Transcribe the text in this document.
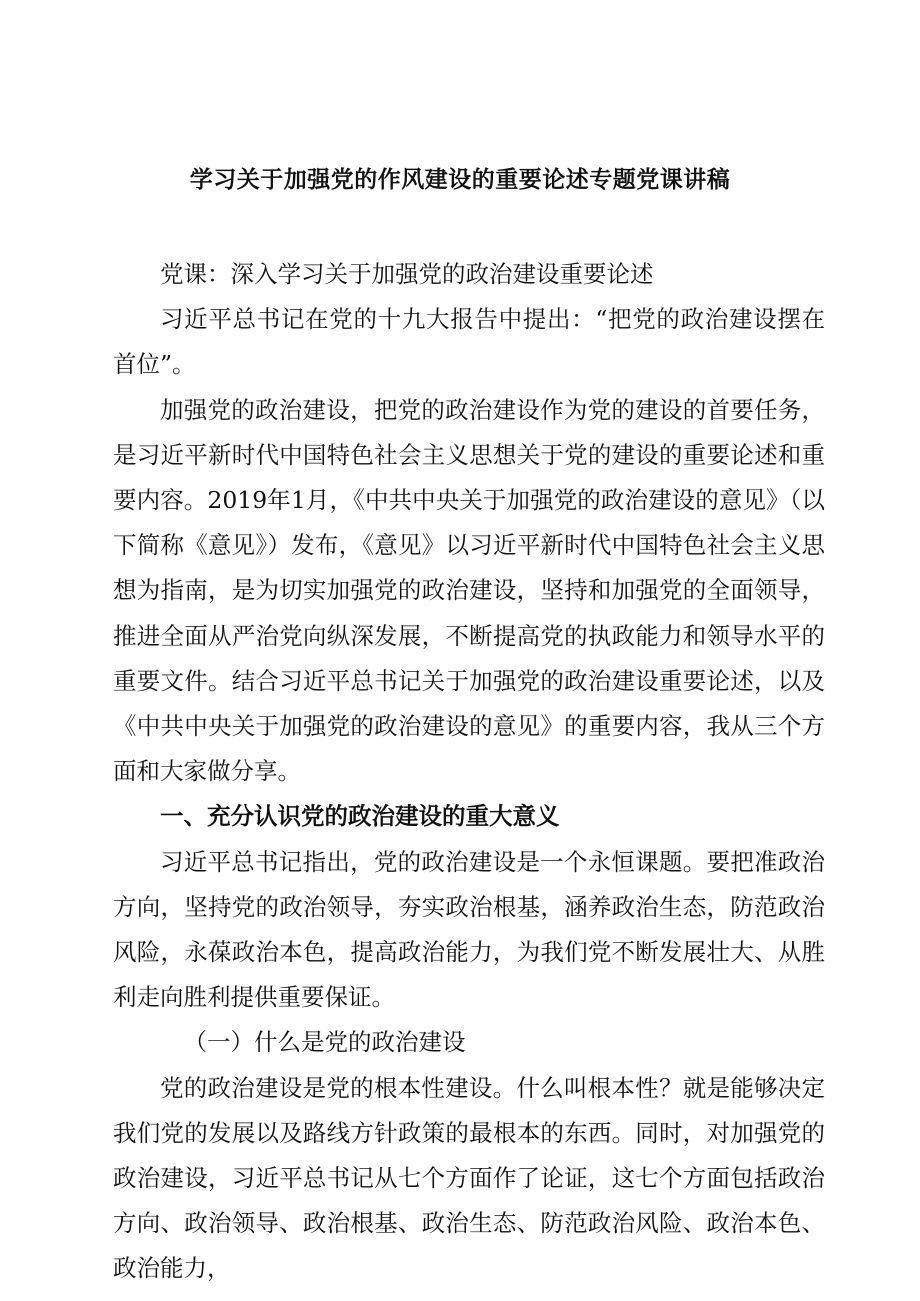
学习关于加强党的作风建设的重要论述专题党课讲稿

党课：深入学习关于加强党的政治建设重要论述

习近平总书记在党的十九大报告中提出：“把党的政治建设摆在首位”。

加强党的政治建设，把党的政治建设作为党的建设的首要任务，是习近平新时代中国特色社会主义思想关于党的建设的重要论述和重要内容。2019年1月，《中共中央关于加强党的政治建设的意见》（以下简称《意见》）发布，《意见》以习近平新时代中国特色社会主义思想为指南，是为切实加强党的政治建设，坚持和加强党的全面领导，推进全面从严治党向纵深发展，不断提高党的执政能力和领导水平的重要文件。结合习近平总书记关于加强党的政治建设重要论述，以及《中共中央关于加强党的政治建设的意见》的重要内容，我从三个方面和大家做分享。

一、充分认识党的政治建设的重大意义

习近平总书记指出，党的政治建设是一个永恒课题。要把准政治方向，坚持党的政治领导，夯实政治根基，涵养政治生态，防范政治风险，永葆政治本色，提高政治能力，为我们党不断发展壮大、从胜利走向胜利提供重要保证。

（一）什么是党的政治建设

党的政治建设是党的根本性建设。什么叫根本性？就是能够决定我们党的发展以及路线方针政策的最根本的东西。同时，对加强党的政治建设，习近平总书记从七个方面作了论证，这七个方面包括政治方向、政治领导、政治根基、政治生态、防范政治风险、政治本色、政治能力，
